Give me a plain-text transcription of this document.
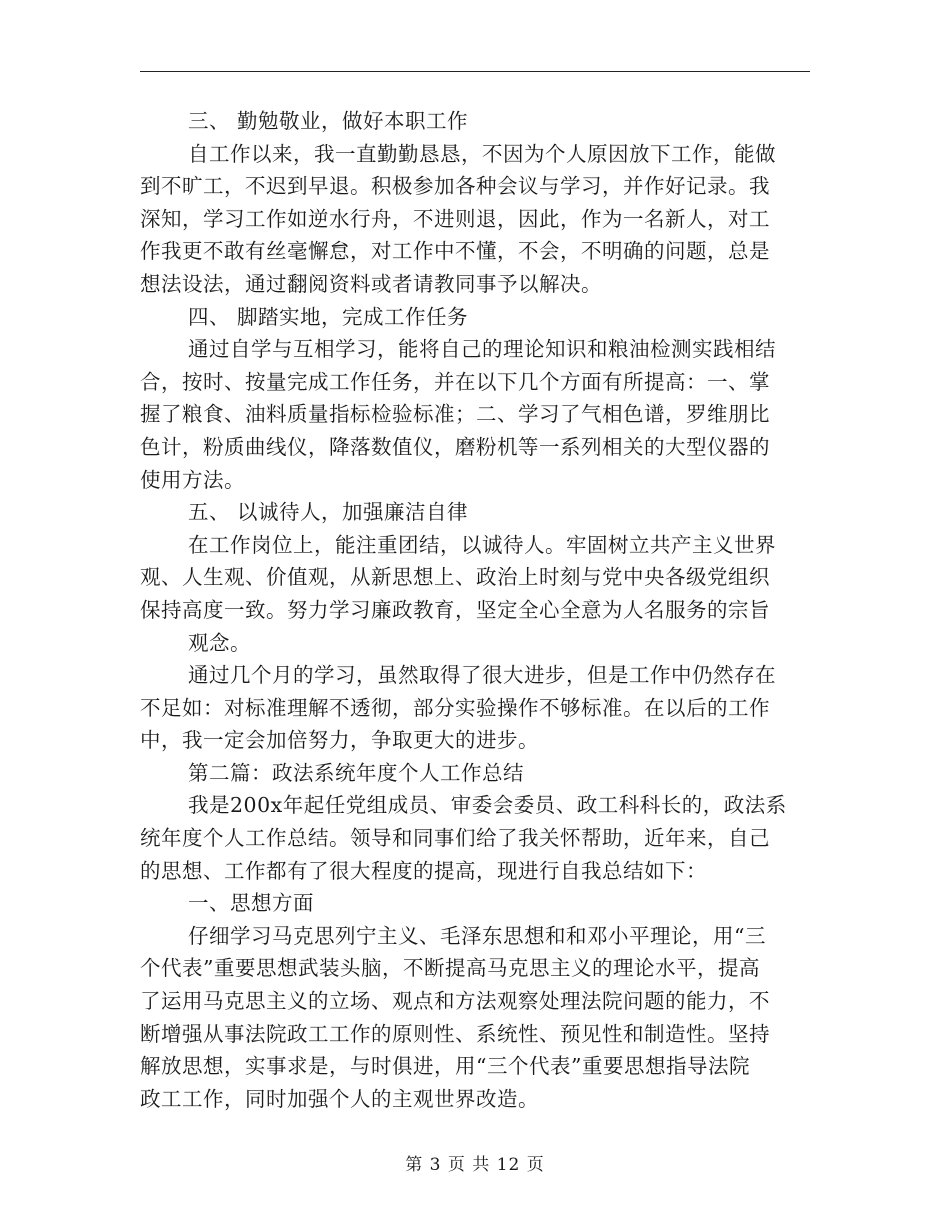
三、 勤勉敬业，做好本职工作
自工作以来，我一直勤勤恳恳，不因为个人原因放下工作，能做
到不旷工，不迟到早退。积极参加各种会议与学习，并作好记录。我
深知，学习工作如逆水行舟，不进则退，因此，作为一名新人，对工
作我更不敢有丝毫懈怠，对工作中不懂，不会，不明确的问题，总是
想法设法，通过翻阅资料或者请教同事予以解决。
四、 脚踏实地，完成工作任务
通过自学与互相学习，能将自己的理论知识和粮油检测实践相结
合，按时、按量完成工作任务，并在以下几个方面有所提高：一、掌
握了粮食、油料质量指标检验标准；二、学习了气相色谱，罗维朋比
色计，粉质曲线仪，降落数值仪，磨粉机等一系列相关的大型仪器的
使用方法。
五、 以诚待人，加强廉洁自律
在工作岗位上，能注重团结，以诚待人。牢固树立共产主义世界
观、人生观、价值观，从新思想上、政治上时刻与党中央各级党组织
保持高度一致。努力学习廉政教育，坚定全心全意为人名服务的宗旨
观念。
通过几个月的学习，虽然取得了很大进步，但是工作中仍然存在
不足如：对标准理解不透彻，部分实验操作不够标准。在以后的工作
中，我一定会加倍努力，争取更大的进步。
第二篇：政法系统年度个人工作总结
我是200x年起任党组成员、审委会委员、政工科科长的，政法系
统年度个人工作总结。领导和同事们给了我关怀帮助，近年来，自己
的思想、工作都有了很大程度的提高，现进行自我总结如下：
一、思想方面
仔细学习马克思列宁主义、毛泽东思想和和邓小平理论，用“三
个代表”重要思想武装头脑，不断提高马克思主义的理论水平，提高
了运用马克思主义的立场、观点和方法观察处理法院问题的能力，不
断增强从事法院政工工作的原则性、系统性、预见性和制造性。坚持
解放思想，实事求是，与时俱进，用“三个代表”重要思想指导法院
政工工作，同时加强个人的主观世界改造。
第 3 页 共 12 页
